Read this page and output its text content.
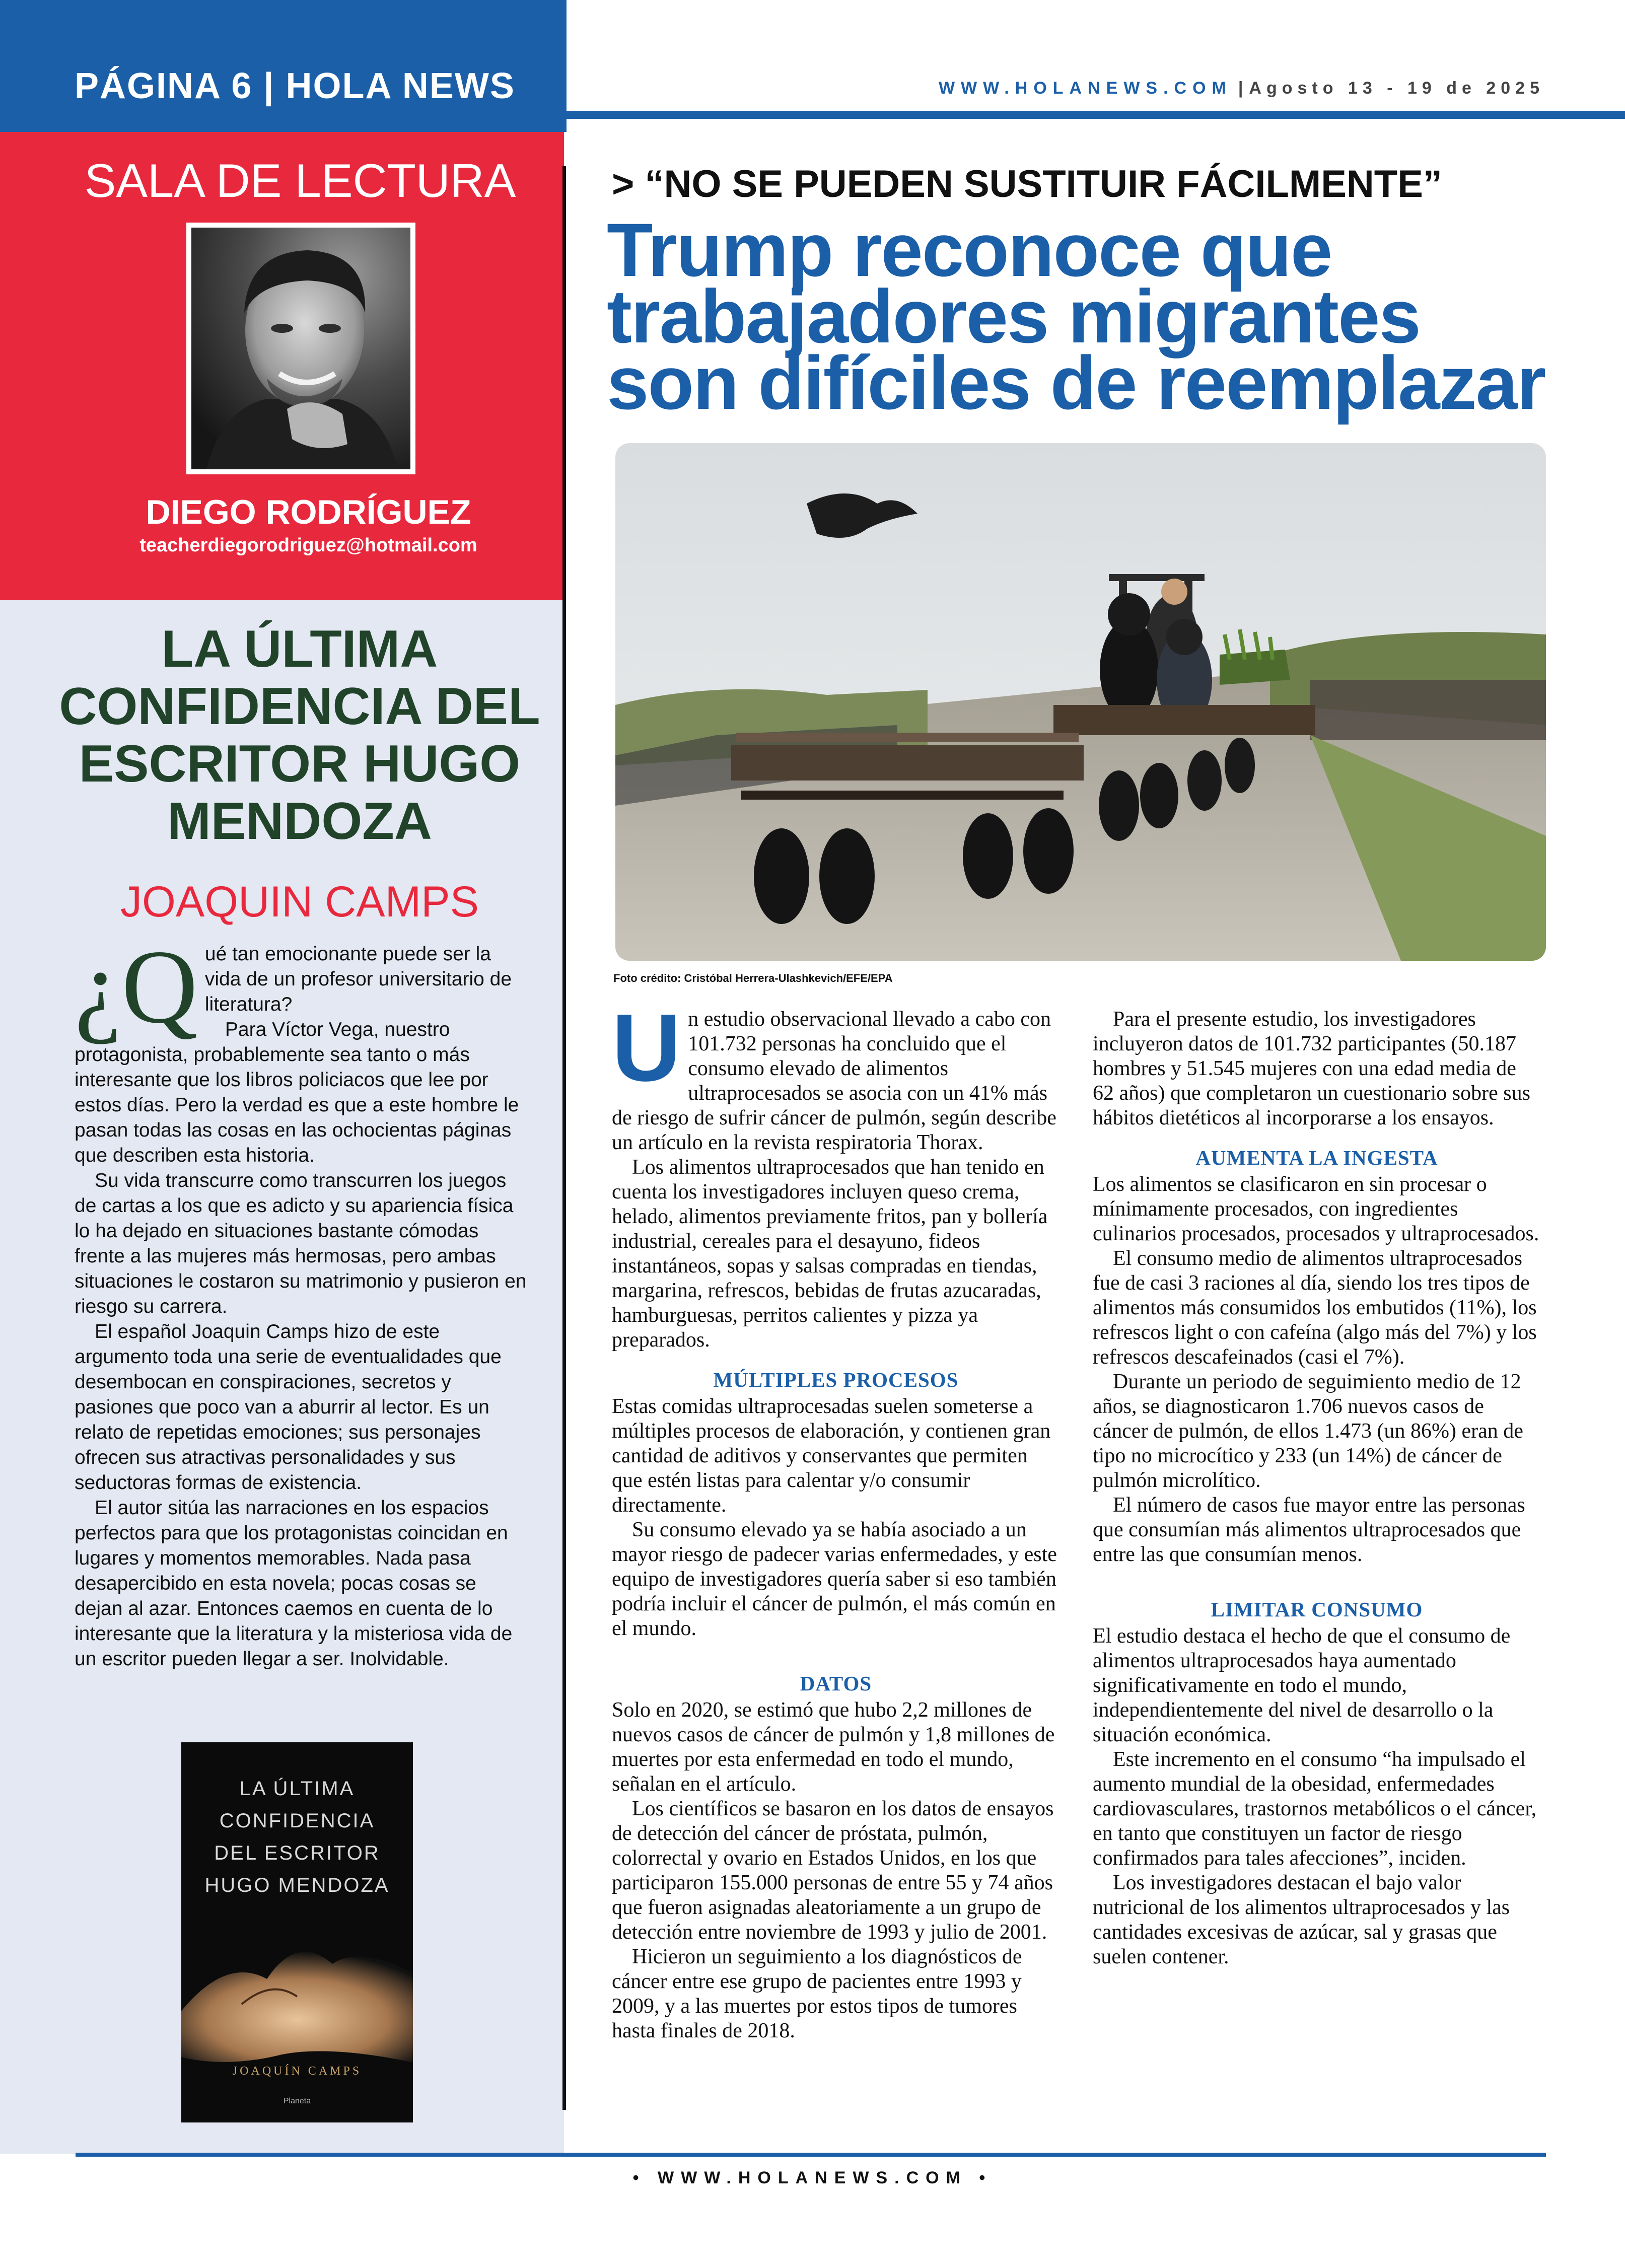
PÁGINA 6 | HOLA NEWS	WWW.HOLANEWS.COM | Agosto 13 - 19 de 2025
SALA DE LECTURA
DIEGO RODRÍGUEZ
teacherdiegorodriguez@hotmail.com
LA ÚLTIMA CONFIDENCIA DEL ESCRITOR HUGO MENDOZA
JOAQUIN CAMPS

¿Q ué tan emocionante puede ser la vida de un profesor universitario de literatura?

Para Víctor Vega, nuestro protagonista, probablemente sea tanto o más interesante que los libros policiacos que lee por estos días. Pero la verdad es que a este hombre le pasan todas las cosas en las ochocientas páginas que describen esta historia.

Su vida transcurre como transcurren los juegos de cartas a los que es adicto y su apariencia física lo ha dejado en situaciones bastante cómodas frente a las mujeres más hermosas, pero ambas situaciones le costaron su matrimonio y pusieron en riesgo su carrera.

El español Joaquin Camps hizo de este argumento toda una serie de eventualidades que desembocan en conspiraciones, secretos y pasiones que poco van a aburrir al lector. Es un relato de repetidas emociones; sus personajes ofrecen sus atractivas personalidades y sus seductoras formas de existencia.

El autor sitúa las narraciones en los espacios perfectos para que los protagonistas coincidan en lugares y momentos memorables. Nada pasa desapercibido en esta novela; pocas cosas se dejan al azar. Entonces caemos en cuenta de lo interesante que la literatura y la misteriosa vida de un escritor pueden llegar a ser. Inolvidable.

LA ÚLTIMA
CONFIDENCIA
DEL ESCRITOR
HUGO MENDOZA
JOAQUÍN CAMPS
Planeta
> “NO SE PUEDEN SUSTITUIR FÁCILMENTE”
Trump reconoce que
trabajadores migrantes
son difíciles de reemplazar
Foto crédito: Cristóbal Herrera-Ulashkevich/EFE/EPA

Un estudio observacional llevado a cabo con 101.732 personas ha concluido que el consumo elevado de alimentos ultraprocesados se asocia con un 41% más de riesgo de sufrir cáncer de pulmón, según describe un artículo en la revista respiratoria Thorax.

Los alimentos ultraprocesados que han tenido en cuenta los investigadores incluyen queso crema, helado, alimentos previamente fritos, pan y bollería industrial, cereales para el desayuno, fideos instantáneos, sopas y salsas compradas en tiendas, margarina, refrescos, bebidas de frutas azucaradas, hamburguesas, perritos calientes y pizza ya preparados.

MÚLTIPLES PROCESOS

Estas comidas ultraprocesadas suelen someterse a múltiples procesos de elaboración, y contienen gran cantidad de aditivos y conservantes que permiten que estén listas para calentar y/o consumir directamente.

Su consumo elevado ya se había asociado a un mayor riesgo de padecer varias enfermedades, y este equipo de investigadores quería saber si eso también podría incluir el cáncer de pulmón, el más común en el mundo.

DATOS

Solo en 2020, se estimó que hubo 2,2 millones de nuevos casos de cáncer de pulmón y 1,8 millones de muertes por esta enfermedad en todo el mundo, señalan en el artículo.

Los científicos se basaron en los datos de ensayos de detección del cáncer de próstata, pulmón, colorrectal y ovario en Estados Unidos, en los que participaron 155.000 personas de entre 55 y 74 años que fueron asignadas aleatoriamente a un grupo de detección entre noviembre de 1993 y julio de 2001.

Hicieron un seguimiento a los diagnósticos de cáncer entre ese grupo de pacientes entre 1993 y 2009, y a las muertes por estos tipos de tumores hasta finales de 2018.

Para el presente estudio, los investigadores incluyeron datos de 101.732 participantes (50.187 hombres y 51.545 mujeres con una edad media de 62 años) que completaron un cuestionario sobre sus hábitos dietéticos al incorporarse a los ensayos.

AUMENTA LA INGESTA

Los alimentos se clasificaron en sin procesar o mínimamente procesados, con ingredientes culinarios procesados, procesados y ultraprocesados.

El consumo medio de alimentos ultraprocesados fue de casi 3 raciones al día, siendo los tres tipos de alimentos más consumidos los embutidos (11%), los refrescos light o con cafeína (algo más del 7%) y los refrescos descafeinados (casi el 7%).

Durante un periodo de seguimiento medio de 12 años, se diagnosticaron 1.706 nuevos casos de cáncer de pulmón, de ellos 1.473 (un 86%) eran de tipo no microcítico y 233 (un 14%) de cáncer de pulmón microlítico.

El número de casos fue mayor entre las personas que consumían más alimentos ultraprocesados que entre las que consumían menos.

LIMITAR CONSUMO

El estudio destaca el hecho de que el consumo de alimentos ultraprocesados haya aumentado significativamente en todo el mundo, independientemente del nivel de desarrollo o la situación económica.

Este incremento en el consumo “ha impulsado el aumento mundial de la obesidad, enfermedades cardiovasculares, trastornos metabólicos o el cáncer, en tanto que constituyen un factor de riesgo confirmados para tales afecciones”, inciden.

Los investigadores destacan el bajo valor nutricional de los alimentos ultraprocesados y las cantidades excesivas de azúcar, sal y grasas que suelen contener.

• WWW.HOLANEWS.COM •
